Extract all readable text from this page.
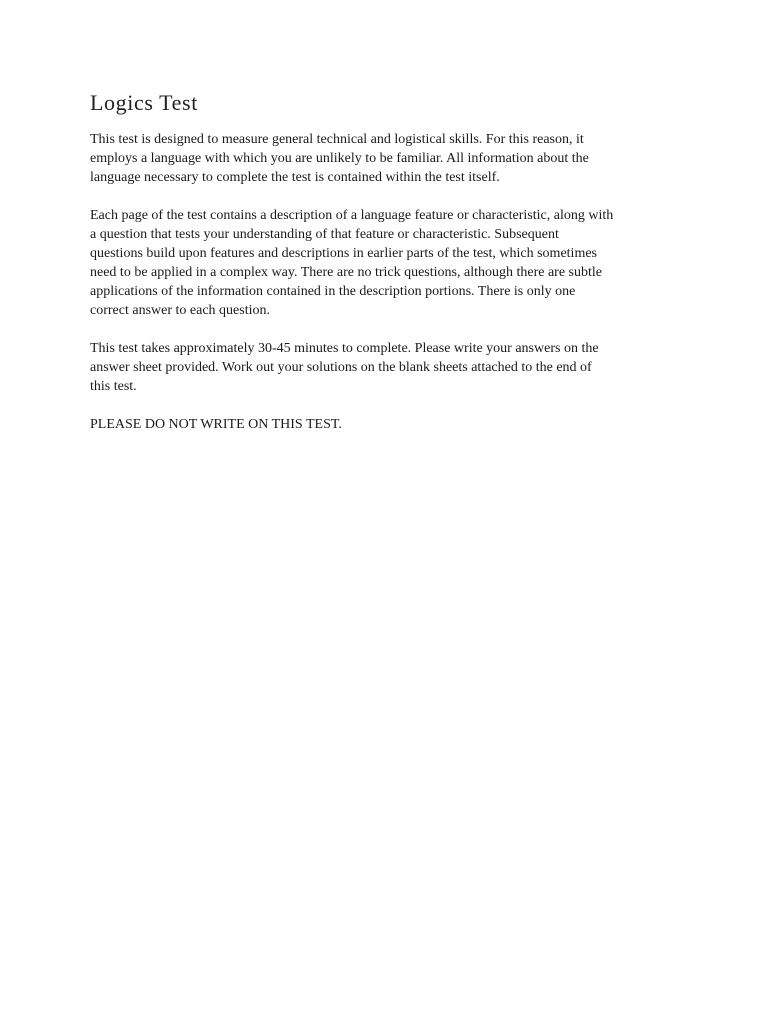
Logics Test

This test is designed to measure general technical and logistical skills. For this reason, it
employs a language with which you are unlikely to be familiar. All information about the
language necessary to complete the test is contained within the test itself.

Each page of the test contains a description of a language feature or characteristic, along with
a question that tests your understanding of that feature or characteristic. Subsequent
questions build upon features and descriptions in earlier parts of the test, which sometimes
need to be applied in a complex way. There are no trick questions, although there are subtle
applications of the information contained in the description portions. There is only one
correct answer to each question.

This test takes approximately 30-45 minutes to complete. Please write your answers on the
answer sheet provided. Work out your solutions on the blank sheets attached to the end of
this test.

PLEASE DO NOT WRITE ON THIS TEST.
